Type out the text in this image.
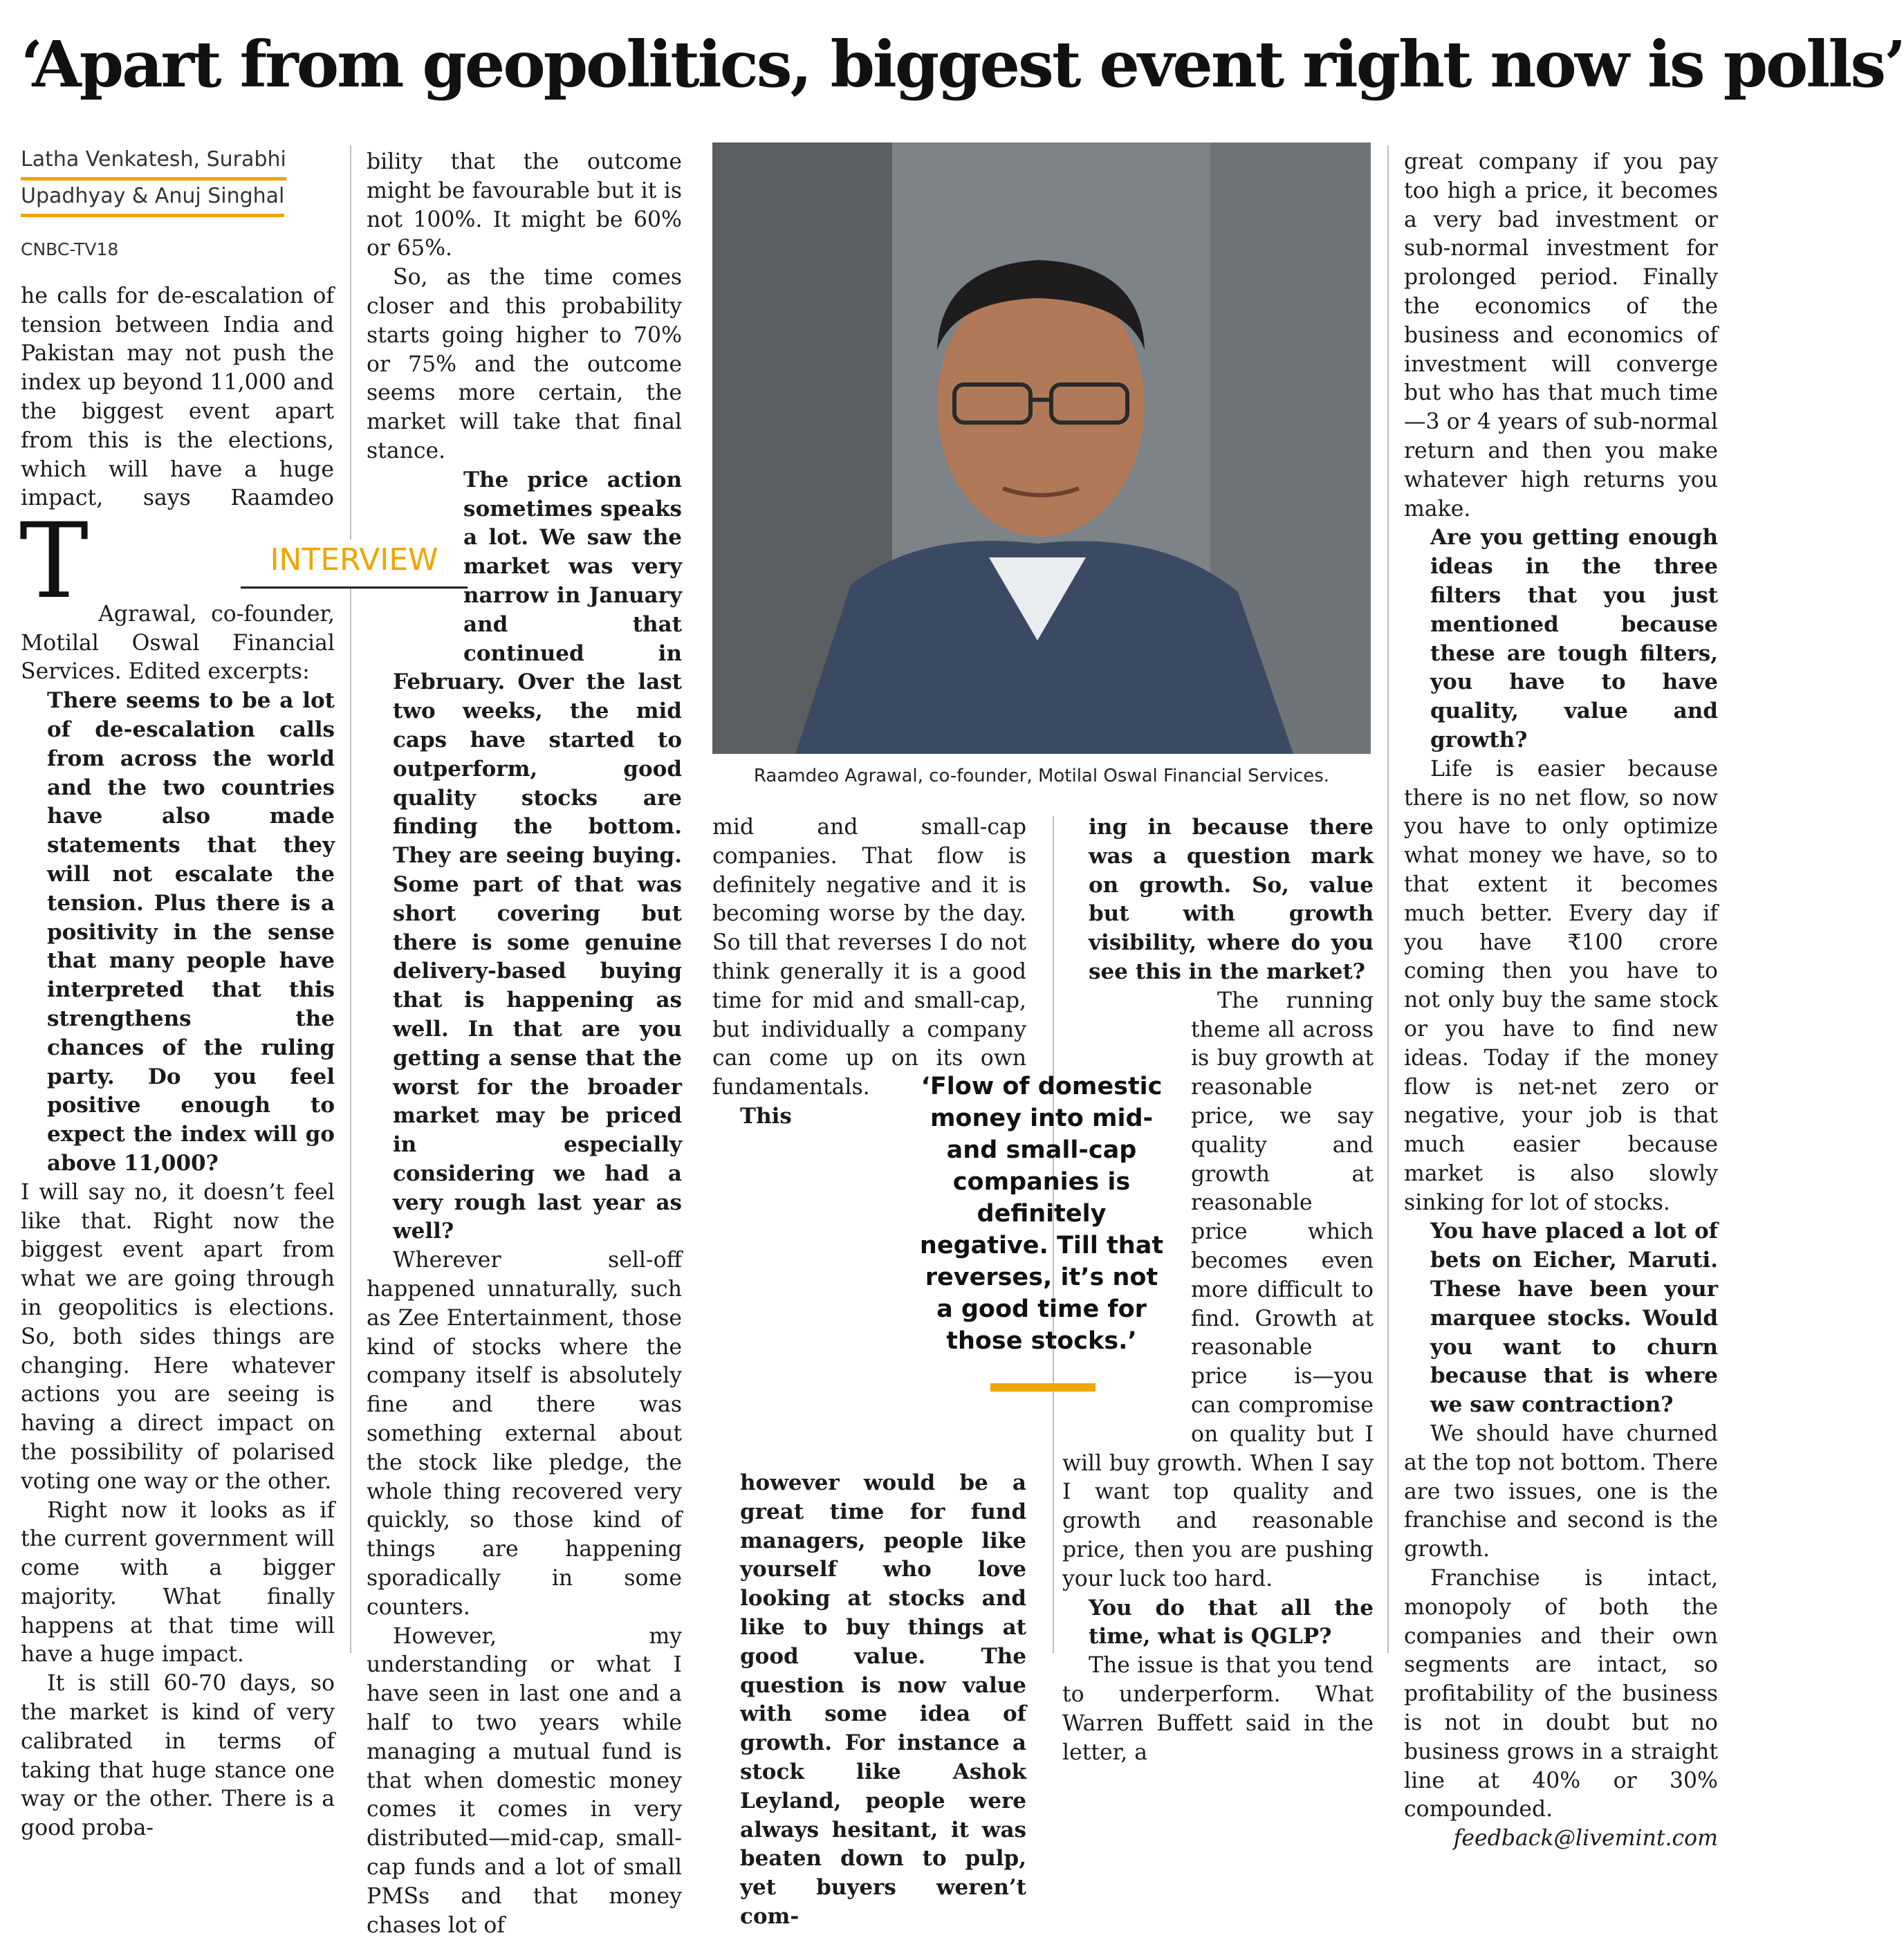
‘Apart from geopolitics, biggest event right now is polls’
Latha Venkatesh, Surabhi
Upadhyay & Anuj Singhal
CNBC-TV18

T
he calls for de-escalation of tension between India and Pakistan may not push the index up beyond 11,000 and the biggest event apart from this is the elections, which will have a huge impact, says Raamdeo Agrawal, co-founder, Motilal Oswal Financial Services. Edited excerpts:

There seems to be a lot of de-escalation calls from across the world and the two countries have also made statements that they will not escalate the tension. Plus there is a positivity in the sense that many people have interpreted that this strengthens the chances of the ruling party. Do you feel positive enough to expect the index will go above 11,000?

I will say no, it doesn’t feel like that. Right now the biggest event apart from what we are going through in geopolitics is elections. So, both sides things are changing. Here whatever actions you are seeing is having a direct impact on the possibility of polarised voting one way or the other.

Right now it looks as if the current government will come with a bigger majority. What finally happens at that time will have a huge impact.

It is still 60-70 days, so the market is kind of very calibrated in terms of taking that huge stance one way or the other. There is a good proba-

INTERVIEW

bility that the outcome might be favourable but it is not 100%. It might be 60% or 65%.

So, as the time comes closer and this probability starts going higher to 70% or 75% and the outcome seems more certain, the market will take that final stance.

The price action sometimes speaks a lot. We saw the market was very narrow in January and that continued in February. Over the last two weeks, the mid caps have started to outperform, good quality stocks are finding the bottom. They are seeing buying. Some part of that was short covering but there is some genuine delivery-based buying that is happening as well. In that are you getting a sense that the worst for the broader market may be priced in especially considering we had a very rough last year as well?

Wherever sell-off happened unnaturally, such as Zee Entertainment, those kind of stocks where the company itself is absolutely fine and there was something external about the stock like pledge, the whole thing recovered very quickly, so those kind of things are happening sporadically in some counters.

However, my understanding or what I have seen in last one and a half to two years while managing a mutual fund is that when domestic money comes it comes in very distributed—mid-cap, small-cap funds and a lot of small PMSs and that money chases lot of

Raamdeo Agrawal, co-founder, Motilal Oswal Financial Services.

mid and small-cap companies. That flow is definitely negative and it is becoming worse by the day. So till that reverses I do not think generally it is a good time for mid and small-cap, but individually a company can come up on its own fundamentals.

This however would be a great time for fund managers, people like yourself who love looking at stocks and like to buy things at good value. The question is now value with some idea of growth. For instance a stock like Ashok Leyland, people were always hesitant, it was beaten down to pulp, yet buyers weren’t com-

‘Flow of domestic money into mid- and small-cap companies is definitely negative. Till that reverses, it’s not a good time for those stocks.’

ing in because there was a question mark on growth. So, value but with growth visibility, where do you see this in the market?

The running theme all across is buy growth at reasonable price, we say quality and growth at reasonable price which becomes even more difficult to find. Growth at reasonable price is—you can compromise on quality but I will buy growth. When I say I want top quality and growth and reasonable price, then you are pushing your luck too hard.

You do that all the time, what is QGLP?

The issue is that you tend to underperform. What Warren Buffett said in the letter, a

great company if you pay too high a price, it becomes a very bad investment or sub-normal investment for prolonged period. Finally the economics of the business and economics of investment will converge but who has that much time—3 or 4 years of sub-normal return and then you make whatever high returns you make.

Are you getting enough ideas in the three filters that you just mentioned because these are tough filters, you have to have quality, value and growth?

Life is easier because there is no net flow, so now you have to only optimize what money we have, so to that extent it becomes much better. Every day if you have ₹100 crore coming then you have to not only buy the same stock or you have to find new ideas. Today if the money flow is net-net zero or negative, your job is that much easier because market is also slowly sinking for lot of stocks.

You have placed a lot of bets on Eicher, Maruti. These have been your marquee stocks. Would you want to churn because that is where we saw contraction?

We should have churned at the top not bottom. There are two issues, one is the franchise and second is the growth.

Franchise is intact, monopoly of both the companies and their own segments are intact, so profitability of the business is not in doubt but no business grows in a straight line at 40% or 30% compounded.

feedback@livemint.com
